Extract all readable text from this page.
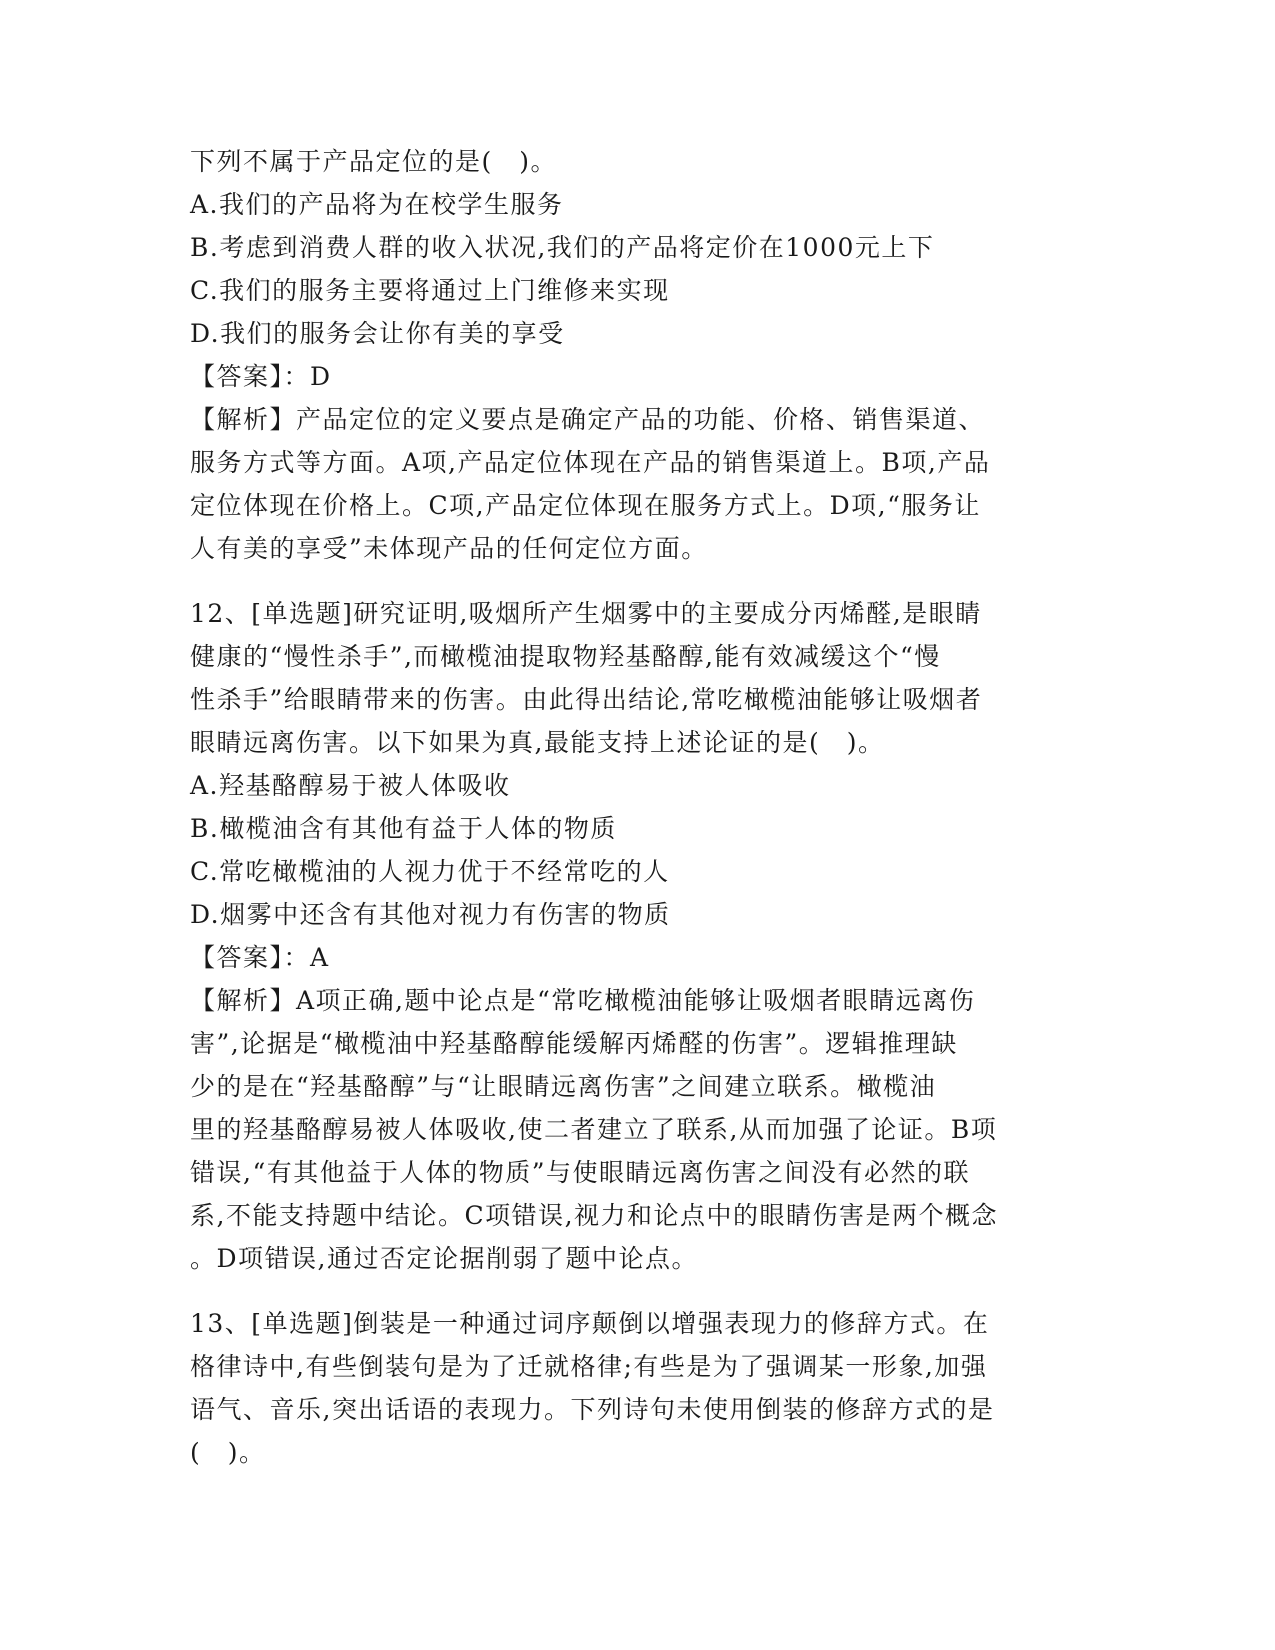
下列不属于产品定位的是(　)。

A.我们的产品将为在校学生服务

B.考虑到消费人群的收入状况,我们的产品将定价在1000元上下

C.我们的服务主要将通过上门维修来实现

D.我们的服务会让你有美的享受

【答案】：D

【解析】产品定位的定义要点是确定产品的功能、价格、销售渠道、

服务方式等方面。A项,产品定位体现在产品的销售渠道上。B项,产品

定位体现在价格上。C项,产品定位体现在服务方式上。D项,“服务让

人有美的享受”未体现产品的任何定位方面。

12、[单选题]研究证明,吸烟所产生烟雾中的主要成分丙烯醛,是眼睛

健康的“慢性杀手”,而橄榄油提取物羟基酪醇,能有效减缓这个“慢

性杀手”给眼睛带来的伤害。由此得出结论,常吃橄榄油能够让吸烟者

眼睛远离伤害。以下如果为真,最能支持上述论证的是(　)。

A.羟基酪醇易于被人体吸收

B.橄榄油含有其他有益于人体的物质

C.常吃橄榄油的人视力优于不经常吃的人

D.烟雾中还含有其他对视力有伤害的物质

【答案】：A

【解析】A项正确,题中论点是“常吃橄榄油能够让吸烟者眼睛远离伤

害”,论据是“橄榄油中羟基酪醇能缓解丙烯醛的伤害”。逻辑推理缺

少的是在“羟基酪醇”与“让眼睛远离伤害”之间建立联系。橄榄油

里的羟基酪醇易被人体吸收,使二者建立了联系,从而加强了论证。B项

错误,“有其他益于人体的物质”与使眼睛远离伤害之间没有必然的联

系,不能支持题中结论。C项错误,视力和论点中的眼睛伤害是两个概念

。D项错误,通过否定论据削弱了题中论点。

13、[单选题]倒装是一种通过词序颠倒以增强表现力的修辞方式。在

格律诗中,有些倒装句是为了迁就格律;有些是为了强调某一形象,加强

语气、音乐,突出话语的表现力。下列诗句未使用倒装的修辞方式的是

(　)。
